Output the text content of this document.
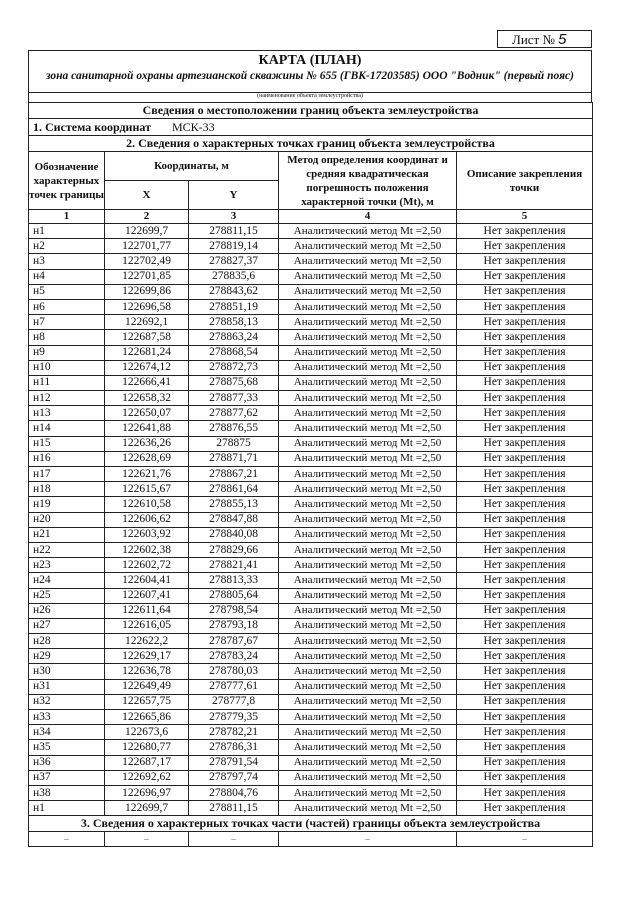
Лист № 5
КАРТА (ПЛАН)
зона санитарной охраны артезианской скважины № 655 (ГВК-17203585) ООО "Водник" (первый пояс)
(наименование объекта землеустройства)
Сведения о местоположении границ объекта землеустройства				
1. Система координат МСК-33				
2. Сведения о характерных точках границ объекта землеустройства				
Обозначение характерных точек границы	Координаты, м		Метод определения координат и средняя квадратическая погрешность положения характерной точки (Mt), м	Описание закрепления точки
	X	Y		
1	2	3	4	5
н1	122699,7	278811,15	Аналитический метод Mt =2,50	Нет закрепления
н2	122701,77	278819,14	Аналитический метод Mt =2,50	Нет закрепления
н3	122702,49	278827,37	Аналитический метод Mt =2,50	Нет закрепления
н4	122701,85	278835,6	Аналитический метод Mt =2,50	Нет закрепления
н5	122699,86	278843,62	Аналитический метод Mt =2,50	Нет закрепления
н6	122696,58	278851,19	Аналитический метод Mt =2,50	Нет закрепления
н7	122692,1	278858,13	Аналитический метод Mt =2,50	Нет закрепления
н8	122687,58	278863,24	Аналитический метод Mt =2,50	Нет закрепления
н9	122681,24	278868,54	Аналитический метод Mt =2,50	Нет закрепления
н10	122674,12	278872,73	Аналитический метод Mt =2,50	Нет закрепления
н11	122666,41	278875,68	Аналитический метод Mt =2,50	Нет закрепления
н12	122658,32	278877,33	Аналитический метод Mt =2,50	Нет закрепления
н13	122650,07	278877,62	Аналитический метод Mt =2,50	Нет закрепления
н14	122641,88	278876,55	Аналитический метод Mt =2,50	Нет закрепления
н15	122636,26	278875	Аналитический метод Mt =2,50	Нет закрепления
н16	122628,69	278871,71	Аналитический метод Mt =2,50	Нет закрепления
н17	122621,76	278867,21	Аналитический метод Mt =2,50	Нет закрепления
н18	122615,67	278861,64	Аналитический метод Mt =2,50	Нет закрепления
н19	122610,58	278855,13	Аналитический метод Mt =2,50	Нет закрепления
н20	122606,62	278847,88	Аналитический метод Mt =2,50	Нет закрепления
н21	122603,92	278840,08	Аналитический метод Mt =2,50	Нет закрепления
н22	122602,38	278829,66	Аналитический метод Mt =2,50	Нет закрепления
н23	122602,72	278821,41	Аналитический метод Mt =2,50	Нет закрепления
н24	122604,41	278813,33	Аналитический метод Mt =2,50	Нет закрепления
н25	122607,41	278805,64	Аналитический метод Mt =2,50	Нет закрепления
н26	122611,64	278798,54	Аналитический метод Mt =2,50	Нет закрепления
н27	122616,05	278793,18	Аналитический метод Mt =2,50	Нет закрепления
н28	122622,2	278787,67	Аналитический метод Mt =2,50	Нет закрепления
н29	122629,17	278783,24	Аналитический метод Mt =2,50	Нет закрепления
н30	122636,78	278780,03	Аналитический метод Mt =2,50	Нет закрепления
н31	122649,49	278777,61	Аналитический метод Mt =2,50	Нет закрепления
н32	122657,75	278777,8	Аналитический метод Mt =2,50	Нет закрепления
н33	122665,86	278779,35	Аналитический метод Mt =2,50	Нет закрепления
н34	122673,6	278782,21	Аналитический метод Mt =2,50	Нет закрепления
н35	122680,77	278786,31	Аналитический метод Mt =2,50	Нет закрепления
н36	122687,17	278791,54	Аналитический метод Mt =2,50	Нет закрепления
н37	122692,62	278797,74	Аналитический метод Mt =2,50	Нет закрепления
н38	122696,97	278804,76	Аналитический метод Mt =2,50	Нет закрепления
н1	122699,7	278811,15	Аналитический метод Mt =2,50	Нет закрепления
3. Сведения о характерных точках части (частей) границы объекта землеустройства				
–	–	–	–	–
